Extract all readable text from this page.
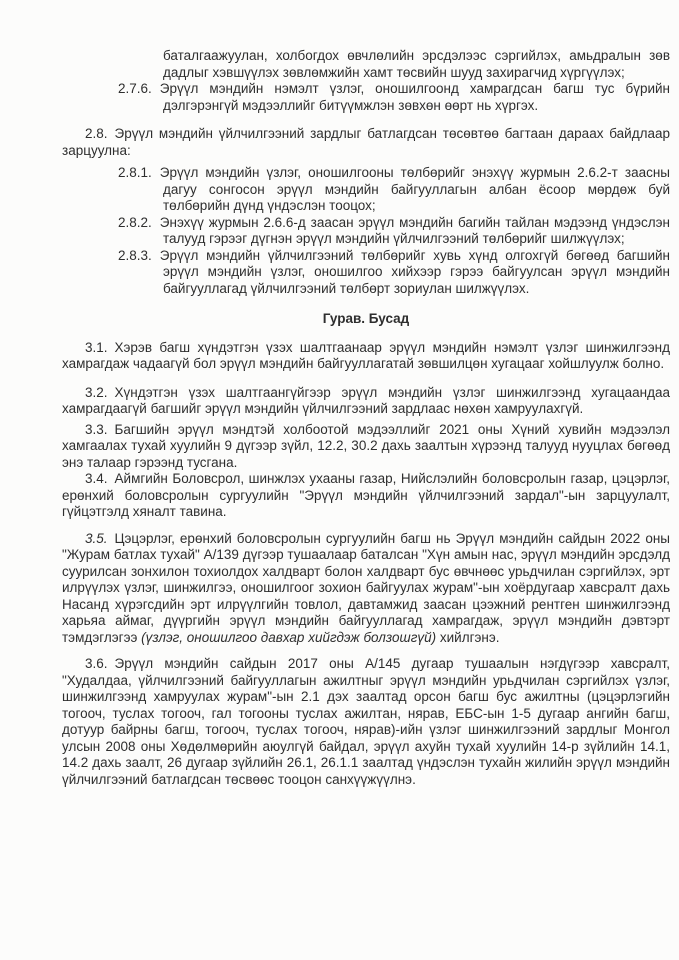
баталгаажуулан, холбогдох өвчлөлийн эрсдэлээс сэргийлэх, амьдралын зөв дадлыг хэвшүүлэх зөвлөмжийн хамт төсвийн шууд захирагчид хүргүүлэх;
2.7.6. Эрүүл мэндийн нэмэлт үзлэг, оношилгоонд хамрагдсан багш тус бүрийн дэлгэрэнгүй мэдээллийг битүүмжлэн зөвхөн өөрт нь хүргэх.
2.8. Эрүүл мэндийн үйлчилгээний зардлыг батлагдсан төсөвтөө багтаан дараах байдлаар зарцуулна:
2.8.1. Эрүүл мэндийн үзлэг, оношилгооны төлбөрийг энэхүү журмын 2.6.2-т заасны дагуу сонгосон эрүүл мэндийн байгууллагын албан ёсоор мөрдөж буй төлбөрийн дүнд үндэслэн тооцох;
2.8.2. Энэхүү журмын 2.6.6-д заасан эрүүл мэндийн багийн тайлан мэдээнд үндэслэн талууд гэрээг дүгнэн эрүүл мэндийн үйлчилгээний төлбөрийг шилжүүлэх;
2.8.3. Эрүүл мэндийн үйлчилгээний төлбөрийг хувь хүнд олгохгүй бөгөөд багшийн эрүүл мэндийн үзлэг, оношилгоо хийхээр гэрээ байгуулсан эрүүл мэндийн байгууллагад үйлчилгээний төлбөрт зориулан шилжүүлэх.
Гурав. Бусад
3.1. Хэрэв багш хүндэтгэн үзэх шалтгаанаар эрүүл мэндийн нэмэлт үзлэг шинжилгээнд хамрагдаж чадаагүй бол эрүүл мэндийн байгууллагатай зөвшилцөн хугацааг хойшлуулж болно.
3.2. Хүндэтгэн үзэх шалтгаангүйгээр эрүүл мэндийн үзлэг шинжилгээнд хугацаандаа хамрагдаагүй багшийг эрүүл мэндийн үйлчилгээний зардлаас нөхөн хамруулахгүй.
3.3. Багшийн эрүүл мэндтэй холбоотой мэдээллийг 2021 оны Хүний хувийн мэдээлэл хамгаалах тухай хуулийн 9 дүгээр зүйл, 12.2, 30.2 дахь заалтын хүрээнд талууд нууцлах бөгөөд энэ талаар гэрээнд тусгана.
3.4. Аймгийн Боловсрол, шинжлэх ухааны газар, Нийслэлийн боловсролын газар, цэцэрлэг, ерөнхий боловсролын сургуулийн "Эрүүл мэндийн үйлчилгээний зардал"-ын зарцуулалт, гүйцэтгэлд хяналт тавина.
3.5. Цэцэрлэг, ерөнхий боловсролын сургуулийн багш нь Эрүүл мэндийн сайдын 2022 оны "Журам батлах тухай" А/139 дүгээр тушаалаар баталсан "Хүн амын нас, эрүүл мэндийн эрсдэлд суурилсан зонхилон тохиолдох халдварт болон халдварт бус өвчнөөс урьдчилан сэргийлэх, эрт илрүүлэх үзлэг, шинжилгээ, оношилгоог зохион байгуулах журам"-ын хоёрдугаар хавсралт дахь Насанд хүрэгсдийн эрт илрүүлгийн товлол, давтамжид заасан цээжний рентген шинжилгээнд харьяа аймаг, дүүргийн эрүүл мэндийн байгууллагад хамрагдаж, эрүүл мэндийн дэвтэрт тэмдэглэгээ (үзлэг, оношилгоо давхар хийгдэж болзошгүй) хийлгэнэ.
3.6. Эрүүл мэндийн сайдын 2017 оны А/145 дугаар тушаалын нэгдүгээр хавсралт, "Худалдаа, үйлчилгээний байгууллагын ажилтныг эрүүл мэндийн урьдчилан сэргийлэх үзлэг, шинжилгээнд хамруулах журам"-ын 2.1 дэх заалтад орсон багш бус ажилтны (цэцэрлэгийн тогооч, туслах тогооч, гал тогооны туслах ажилтан, нярав, ЕБС-ын 1-5 дугаар ангийн багш, дотуур байрны багш, тогооч, туслах тогооч, нярав)-ийн үзлэг шинжилгээний зардлыг Монгол улсын 2008 оны Хөдөлмөрийн аюулгүй байдал, эрүүл ахуйн тухай хуулийн 14-р зүйлийн 14.1, 14.2 дахь заалт, 26 дугаар зүйлийн 26.1, 26.1.1 заалтад үндэслэн тухайн жилийн эрүүл мэндийн үйлчилгээний батлагдсан төсвөөс тооцон санхүүжүүлнэ.
